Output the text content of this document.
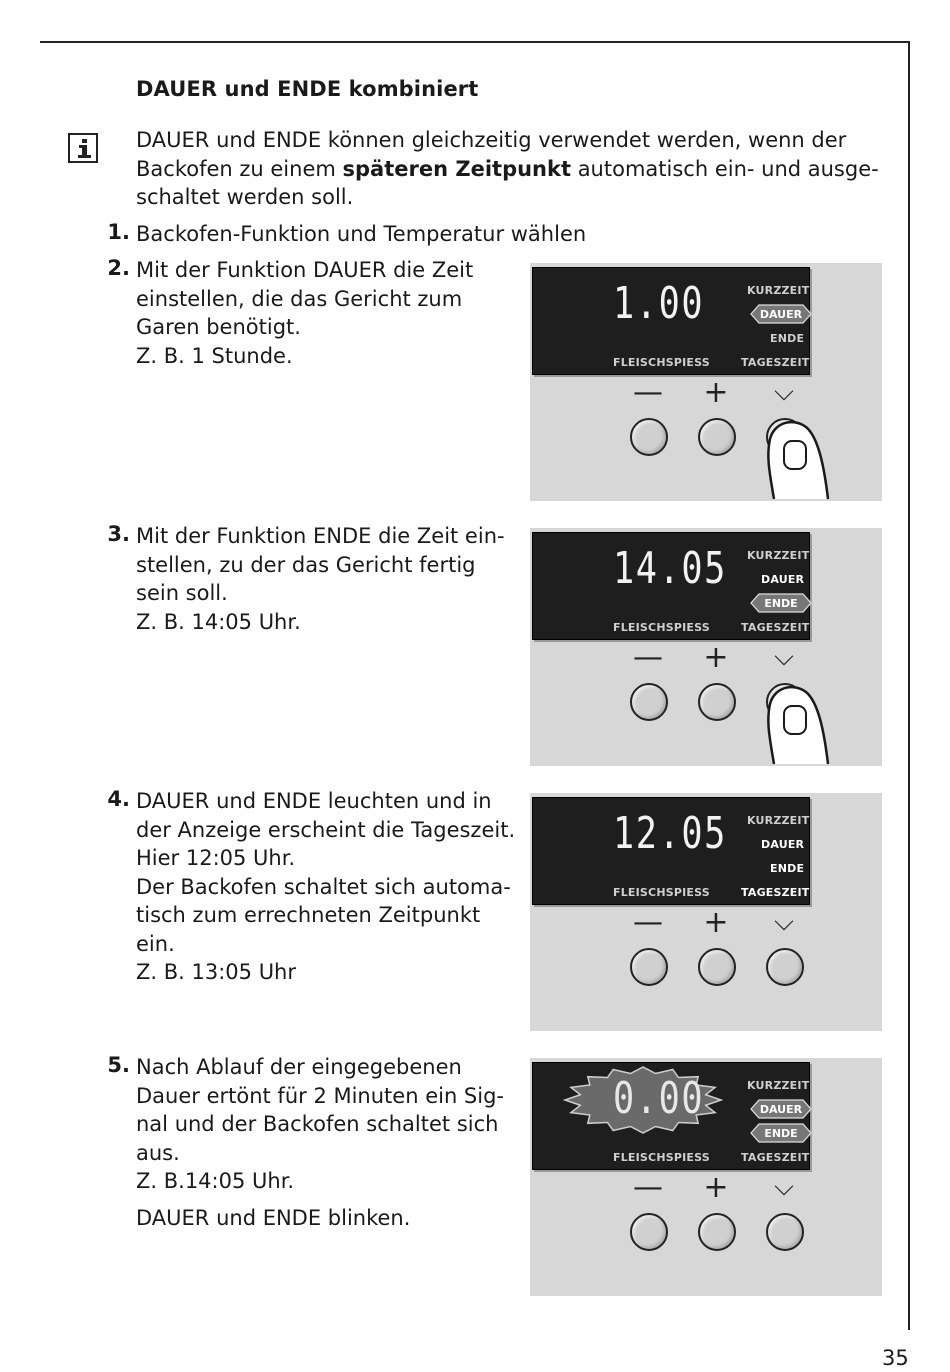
DAUER und ENDE kombiniert
DAUER und ENDE können gleichzeitig verwendet werden, wenn der Backofen zu einem späteren Zeitpunkt automatisch ein- und ausge-schaltet werden soll.
1. Backofen-Funktion und Temperatur wählen
2. Mit der Funktion DAUER die Zeit
einstellen, die das Gericht zum
Garen benötigt.
Z. B. 1 Stunde.
3. Mit der Funktion ENDE die Zeit ein-
stellen, zu der das Gericht fertig
sein soll.
Z. B. 14:05 Uhr.
4. DAUER und ENDE leuchten und in
der Anzeige erscheint die Tageszeit.
Hier 12:05 Uhr.
Der Backofen schaltet sich automa-
tisch zum errechneten Zeitpunkt
ein.
Z. B. 13:05 Uhr
5. Nach Ablauf der eingegebenen
Dauer ertönt für 2 Minuten ein Sig-
nal und der Backofen schaltet sich
aus.
Z. B.14:05 Uhr.
DAUER und ENDE blinken.
1.00	KURZZEIT
DAUER
ENDE
FLEISCHSPIESS	TAGESZEIT
— +	⌵
14.05 KURZZEIT
DAUER
ENDE
FLEISCHSPIESS	TAGESZEIT
— +	⌵
12.05 KURZZEIT
DAUER
ENDE
FLEISCHSPIESS	TAGESZEIT
— +	⌵
0.00	KURZZEIT
DAUER
ENDE
FLEISCHSPIESS	TAGESZEIT
— +	⌵
35
